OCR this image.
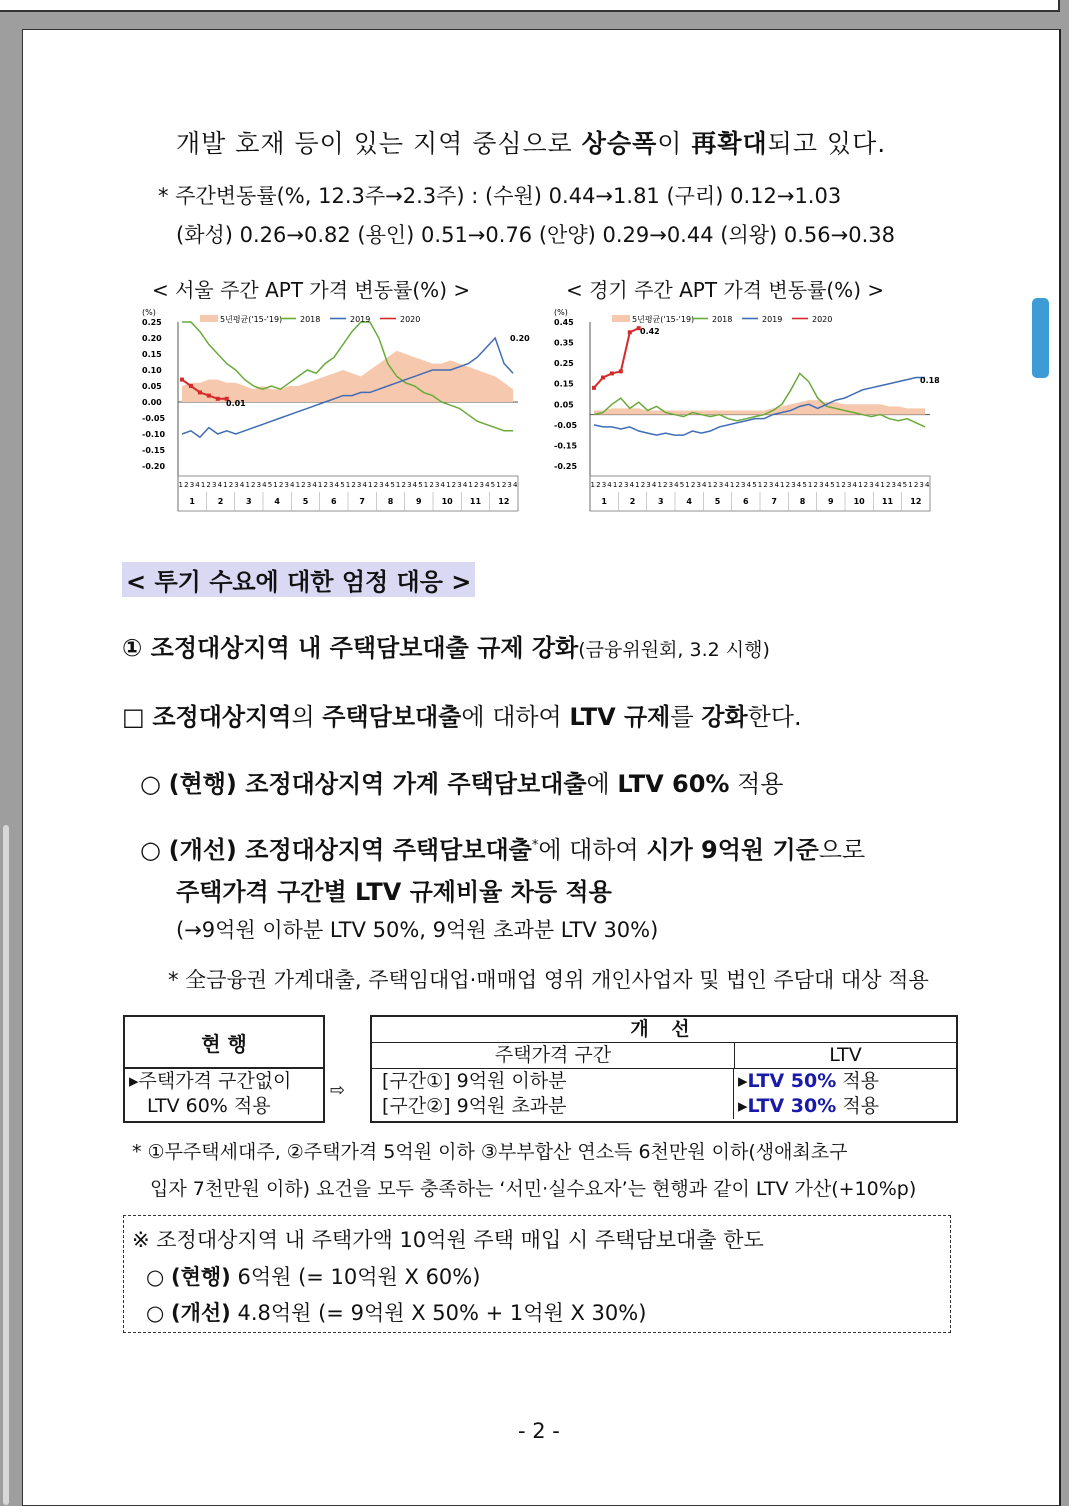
개발 호재 등이 있는 지역 중심으로 상승폭이 再확대되고 있다.
* 주간변동률(%, 12.3주→2.3주) : (수원) 0.44→1.81 (구리) 0.12→1.03
(화성) 0.26→0.82 (용인) 0.51→0.76 (안양) 0.29→0.44 (의왕) 0.56→0.38
< 서울 주간 APT 가격 변동률(%) >	< 경기 주간 APT 가격 변동률(%) >
(%)
0.25
0.20
0.15
0.10
0.05
0.00
-0.05
-0.10
-0.15
-0.20
1 2 3 4 1 2 3 4 1 2 3 4 1 2 3 4 5 1 2 3 4 1 2 3 4 1 2 3 4 5 1 2 3 4 1 2 3 4 5 1 2 3 4 5 1 2 3 4 1 2 3 4 1 2 3 4 5 1 2 3 4
1	2	3	4	5	6	7	8	9 10 11 12
5년평균('15-'19) 2018	2019	2020
0.20
0.01
(%)
0.45
0.35
0.25
0.15
0.05
-0.05
-0.15
-0.25
1 2 3 4 1 2 3 4 1 2 3 4 1 2 3 4 5 1 2 3 4 1 2 3 4 1 2 3 4 5 1 2 3 4 1 2 3 4 5 1 2 3 4 5 1 2 3 4 1 2 3 4 1 2 3 4 5 1 2 3 4
1	2	3	4	5	6	7	8	9 10 11 12
5년평균('15-'19) 2018	2019	2020
0.42
0.18
< 투기 수요에 대한 엄정 대응 >
① 조정대상지역 내 주택담보대출 규제 강화(금융위원회, 3.2 시행)
□ 조정대상지역의 주택담보대출에 대하여 LTV 규제를 강화한다.
○ (현행) 조정대상지역 가계 주택담보대출에 LTV 60% 적용
○ (개선) 조정대상지역 주택담보대출*에 대하여 시가 9억원 기준으로
주택가격 구간별 LTV 규제비율 차등 적용
(→9억원 이하분 LTV 50%, 9억원 초과분 LTV 30%)
* 全금융권 가계대출, 주택임대업·매매업 영위 개인사업자 및 법인 주담대 대상 적용
현 행
▸주택가격 구간없이
LTV 60% 적용
⇨
개 선
주택가격 구간	LTV
[구간①] 9억원 이하분	▸LTV 50% 적용
[구간②] 9억원 초과분	▸LTV 30% 적용
* ①무주택세대주, ②주택가격 5억원 이하 ③부부합산 연소득 6천만원 이하(생애최초구
입자 7천만원 이하) 요건을 모두 충족하는 ‘서민·실수요자’는 현행과 같이 LTV 가산(+10%p)
※ 조정대상지역 내 주택가액 10억원 주택 매입 시 주택담보대출 한도
○ (현행) 6억원 (= 10억원 X 60%)
○ (개선) 4.8억원 (= 9억원 X 50% + 1억원 X 30%)
- 2 -
